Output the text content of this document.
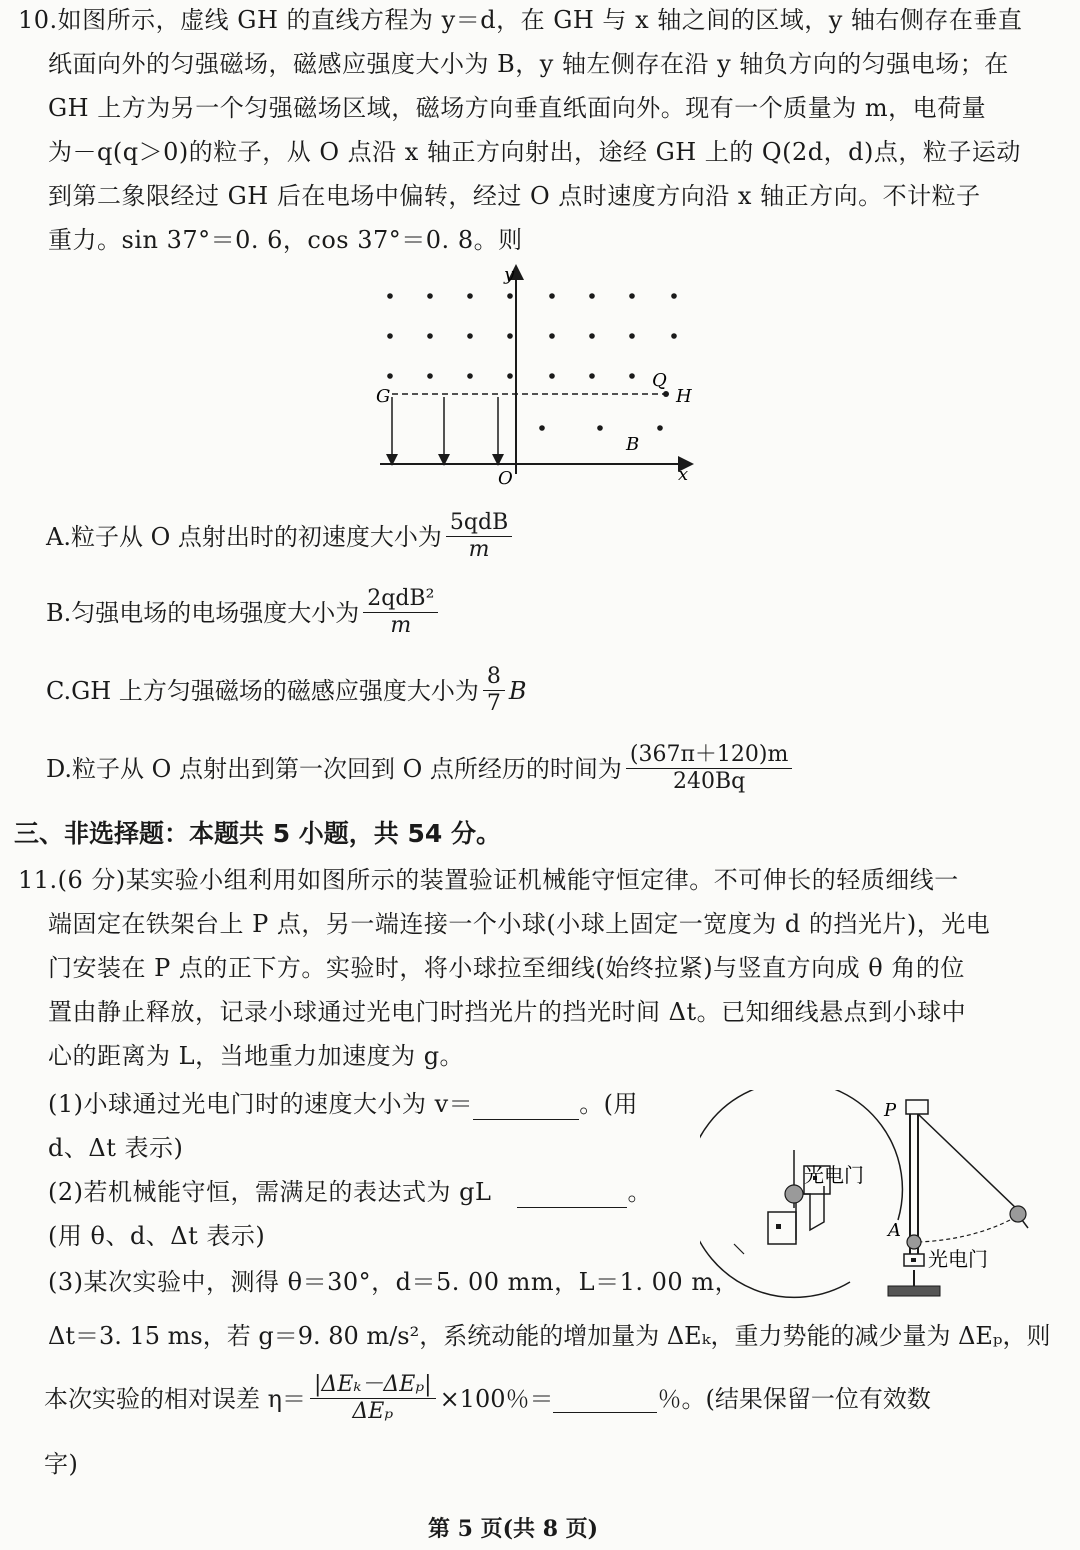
10.如图所示，虚线 GH 的直线方程为 y＝d，在 GH 与 x 轴之间的区域，y 轴右侧存在垂直
纸面向外的匀强磁场，磁感应强度大小为 B，y 轴左侧存在沿 y 轴负方向的匀强电场；在
GH 上方为另一个匀强磁场区域，磁场方向垂直纸面向外。现有一个质量为 m，电荷量
为－q(q＞0)的粒子，从 O 点沿 x 轴正方向射出，途经 GH 上的 Q(2d，d)点，粒子运动
到第二象限经过 GH 后在电场中偏转，经过 O 点时速度方向沿 x 轴正方向。不计粒子
重力。sin 37°＝0. 6，cos 37°＝0. 8。则
y
x
O
G	H
Q
B
A.粒子从 O 点射出时的初速度大小为 $\frac{\text{5qdB}}{m}$
B.匀强电场的电场强度大小为 $\frac{\text{2qdB²}}{m}$
C.GH 上方匀强磁场的磁感应强度大小为 $\frac{8}{7}$ B
D.粒子从 O 点射出到第一次回到 O 点所经历的时间为 $\frac{(367\pi+120)m}{240Bq}$
三、非选择题：本题共 5 小题，共 54 分。
11.(6 分)某实验小组利用如图所示的装置验证机械能守恒定律。不可伸长的轻质细线一
端固定在铁架台上 P 点，另一端连接一个小球(小球上固定一宽度为 d 的挡光片)，光电
门安装在 P 点的正下方。实验时，将小球拉至细线(始终拉紧)与竖直方向成 θ 角的位
置由静止释放，记录小球通过光电门时挡光片的挡光时间 Δt。已知细线悬点到小球中
心的距离为 L，当地重力加速度为 g。
(1)小球通过光电门时的速度大小为 v＝	。(用
d、Δt 表示)
(2)若机械能守恒，需满足的表达式为 gL	。
(用 θ、d、Δt 表示)
(3)某次实验中，测得 θ＝30°，d＝5. 00 mm，L＝1. 00 m，
Δt＝3. 15 ms，若 g＝9. 80 m/s²，系统动能的增加量为 ΔEₖ，重力势能的减少量为 ΔEₚ，则
本次实验的相对误差 $\eta= \frac{\text{|ΔEₖ－ΔEₚ|}}{\text{ΔEₚ}} \times 100$％＝	％。(结果保留一位有效数
字)
光电门
P
A
光电门
第 5 页(共 8 页)
